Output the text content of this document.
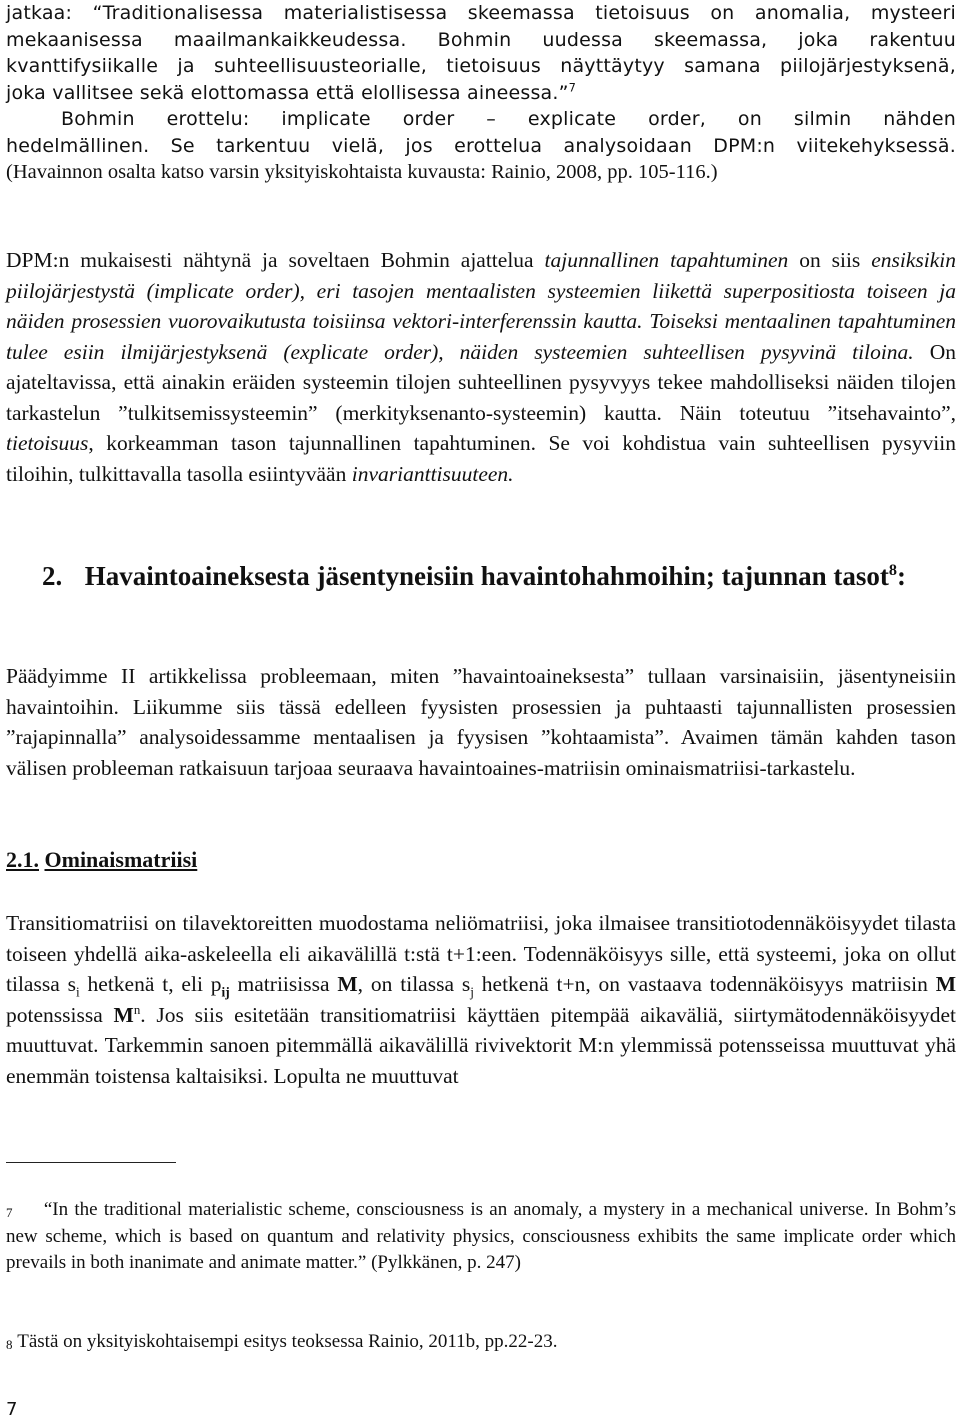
jatkaa: “Traditionalisessa materialistisessa skeemassa tietoisuus on anomalia, mysteeri

mekaanisessa maailmankaikkeudessa. Bohmin uudessa skeemassa, joka rakentuu

kvanttifysiikalle ja suhteellisuusteorialle, tietoisuus näyttäytyy samana piilojärjestyksenä,

joka vallitsee sekä elottomassa että elollisessa aineessa.”$^7$

Bohmin erottelu: implicate order – explicate order, on silmin nähden

hedelmällinen. Se tarkentuu vielä, jos erottelua analysoidaan DPM:n viitekehyksessä.

(Havainnon osalta katso varsin yksityiskohtaista kuvausta: Rainio, 2008, pp. 105-116.)

DPM:n mukaisesti nähtynä ja soveltaen Bohmin ajattelua tajunnallinen tapahtuminen on siis ensiksikin piilojärjestystä (implicate order), eri tasojen mentaalisten systeemien liikettä superpositiosta toiseen ja näiden prosessien vuorovaikutusta toisiinsa vektori-interferenssin kautta. Toiseksi mentaalinen tapahtuminen tulee esiin ilmijärjestyksenä (explicate order), näiden systeemien suhteellisen pysyvinä tiloina. On ajateltavissa, että ainakin eräiden systeemin tilojen suhteellinen pysyvyys tekee mahdolliseksi näiden tilojen tarkastelun ”tulkitsemissysteemin” (merkityksenanto-systeemin) kautta. Näin toteutuu ”itsehavainto”, tietoisuus, korkeamman tason tajunnallinen tapahtuminen. Se voi kohdistua vain suhteellisen pysyviin tiloihin, tulkittavalla tasolla esiintyvään invarianttisuuteen.

2. Havaintoaineksesta jäsentyneisiin havaintohahmoihin; tajunnan tasot$^8$:

Päädyimme II artikkelissa probleemaan, miten ”havaintoaineksesta” tullaan varsinaisiin, jäsentyneisiin havaintoihin. Liikumme siis tässä edelleen fyysisten prosessien ja puhtaasti tajunnallisten prosessien ”rajapinnalla” analysoidessamme mentaalisen ja fyysisen ”kohtaamista”. Avaimen tämän kahden tason välisen probleeman ratkaisuun tarjoaa seuraava havaintoaines-matriisin ominaismatriisi-tarkastelu.

2.1. Ominaismatriisi

Transitiomatriisi on tilavektoreitten muodostama neliömatriisi, joka ilmaisee transitiotodennäköisyydet tilasta toiseen yhdellä aika-askeleella eli aikavälillä t:stä t+1:een. Todennäköisyys sille, että systeemi, joka on ollut tilassa $s_i$ hetkenä t, eli $p_{ij}$ matriisissa M, on tilassa $s_j$ hetkenä t+n, on vastaava todennäköisyys matriisin M potenssissa $M^n$. Jos siis esitetään transitiomatriisi käyttäen pitempää aikaväliä, siirtymätodennäköisyydet muuttuvat. Tarkemmin sanoen pitemmällä aikavälillä rivivektorit M:n ylemmissä potensseissa muuttuvat yhä enemmän toistensa kaltaisiksi. Lopulta ne muuttuvat

$^7$ “In the traditional materialistic scheme, consciousness is an anomaly, a mystery in a mechanical universe. In Bohm’s new scheme, which is based on quantum and relativity physics, consciousness exhibits the same implicate order which prevails in both inanimate and animate matter.” (Pylkkänen, p. 247)

$^8$ Tästä on yksityiskohtaisempi esitys teoksessa Rainio, 2011b, pp.22-23.

7
